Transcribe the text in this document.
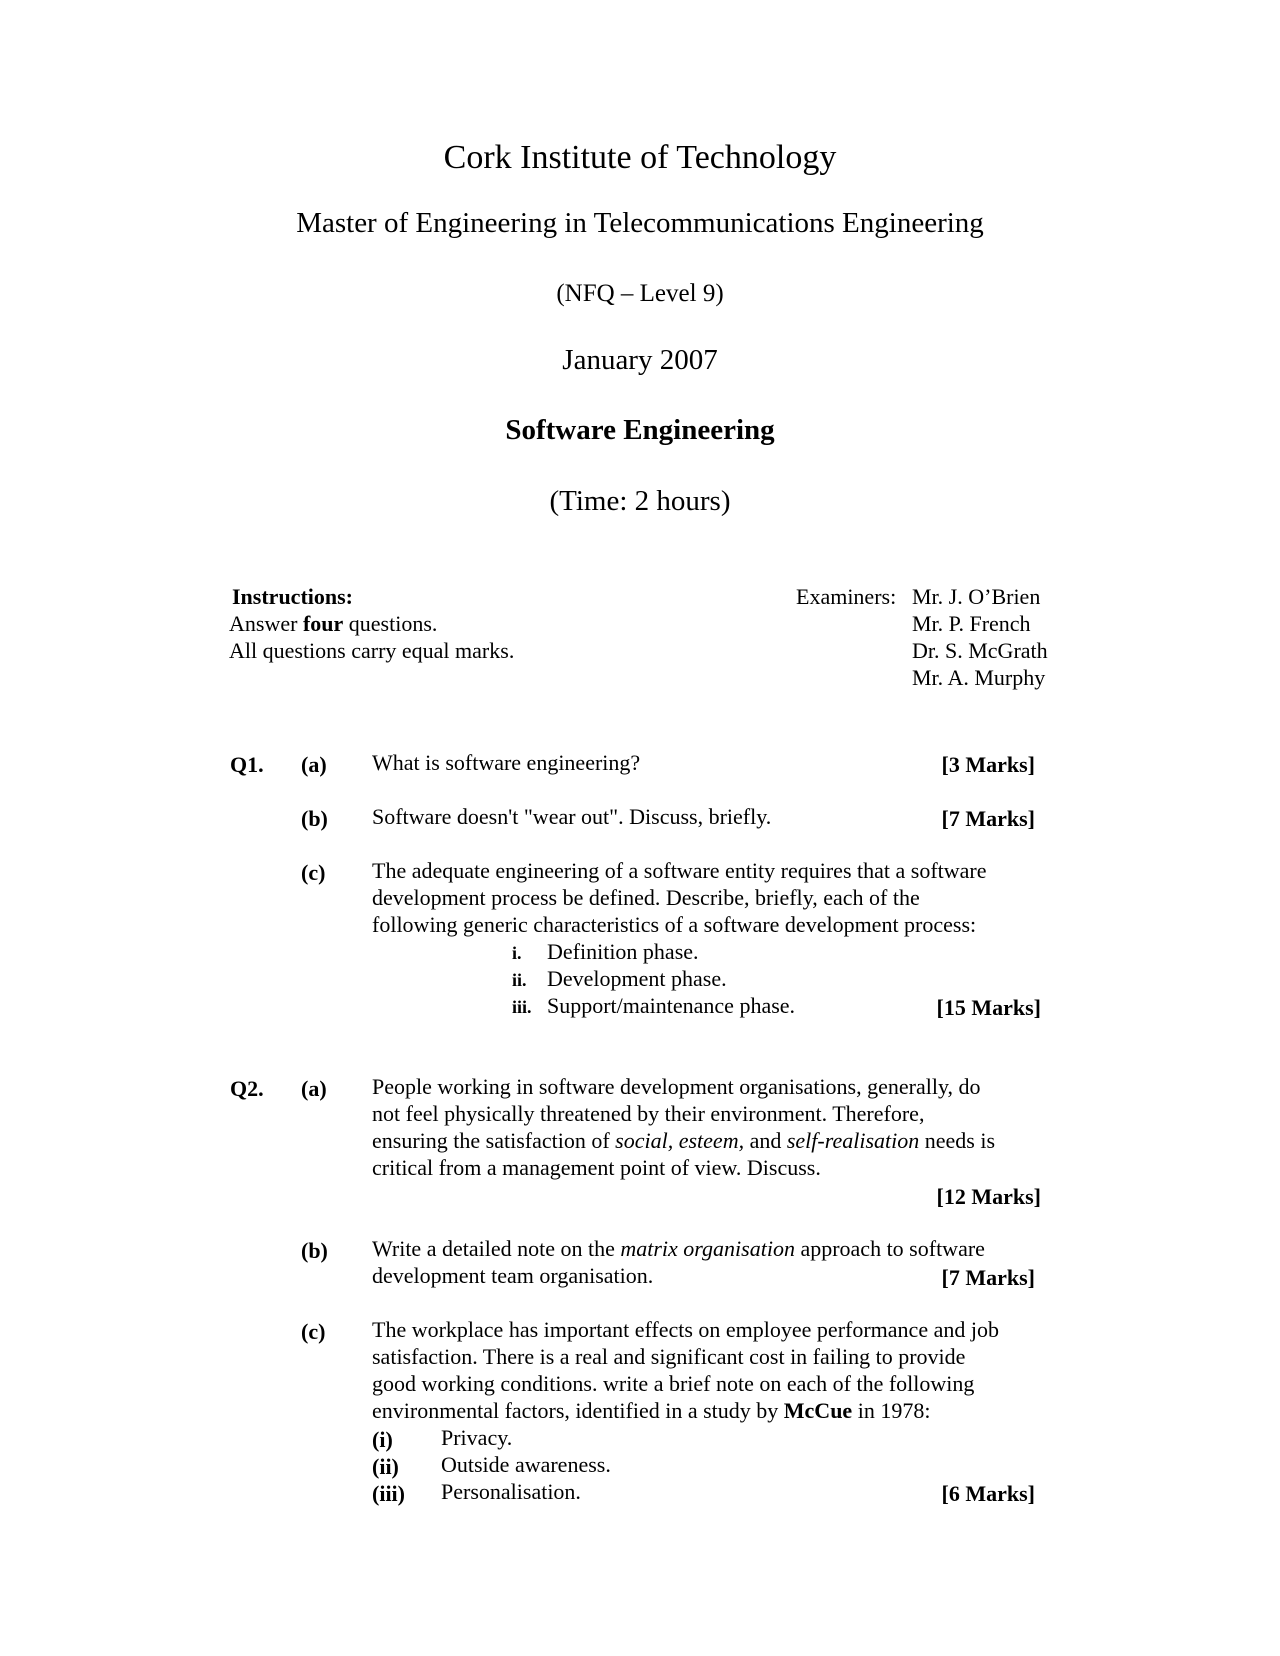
Cork Institute of Technology
Master of Engineering in Telecommunications Engineering
(NFQ – Level 9)
January 2007
Software Engineering
(Time: 2 hours)
Instructions:
Answer four questions.
All questions carry equal marks.
Examiners: Mr. J. O’Brien
Mr. P. French
Dr. S. McGrath
Mr. A. Murphy
Q1. (a) What is software engineering?	[3 Marks]
(b) Software doesn't "wear out". Discuss, briefly.	[7 Marks]
(c) The adequate engineering of a software entity requires that a software
development process be defined. Describe, briefly, each of the
following generic characteristics of a software development process:
i. Definition phase.
ii. Development phase.
iii. Support/maintenance phase.	[15 Marks]
Q2. (a) People working in software development organisations, generally, do
not feel physically threatened by their environment. Therefore,
ensuring the satisfaction of social, esteem, and self-realisation needs is
critical from a management point of view. Discuss.
[12 Marks]
(b) Write a detailed note on the matrix organisation approach to software
development team organisation.	[7 Marks]
(c) The workplace has important effects on employee performance and job
satisfaction. There is a real and significant cost in failing to provide
good working conditions. write a brief note on each of the following
environmental factors, identified in a study by McCue in 1978:
(i) Privacy.
(ii) Outside awareness.
(iii) Personalisation.	[6 Marks]
